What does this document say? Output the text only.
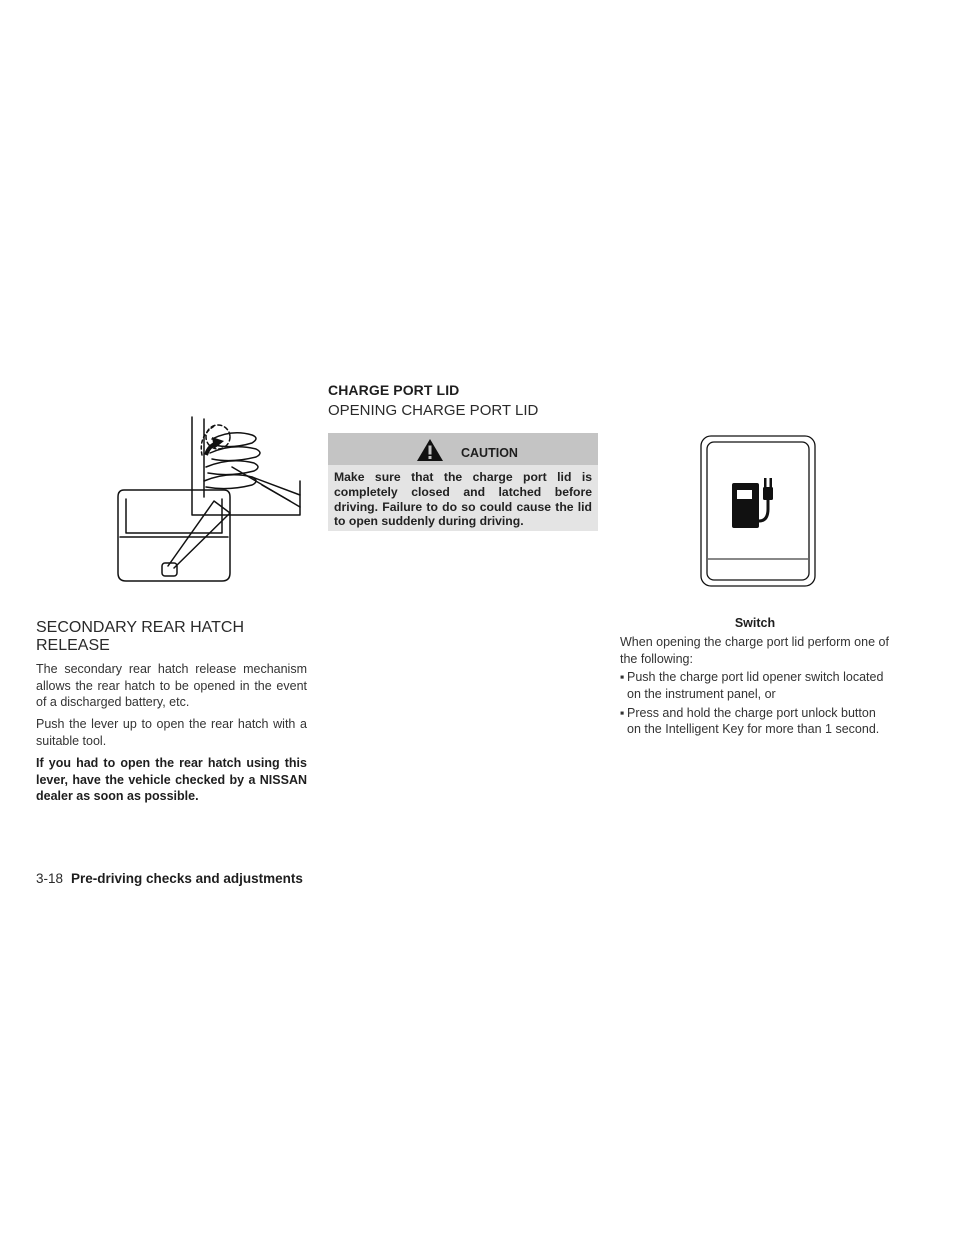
SECONDARY REAR HATCH RELEASE

The secondary rear hatch release mechanism allows the rear hatch to be opened in the event of a discharged battery, etc.

Push the lever up to open the rear hatch with a suitable tool.

If you had to open the rear hatch using this lever, have the vehicle checked by a NISSAN dealer as soon as possible.

CHARGE PORT LID
OPENING CHARGE PORT LID
CAUTION
Make sure that the charge port lid is completely closed and latched before driving. Failure to do so could cause the lid to open suddenly during driving.
Switch

When opening the charge port lid perform one of the following:

▪ Push the charge port lid opener switch located on the instrument panel, or
▪ Press and hold the charge port unlock button on the Intelligent Key for more than 1 second.
3-18 Pre-driving checks and adjustments
